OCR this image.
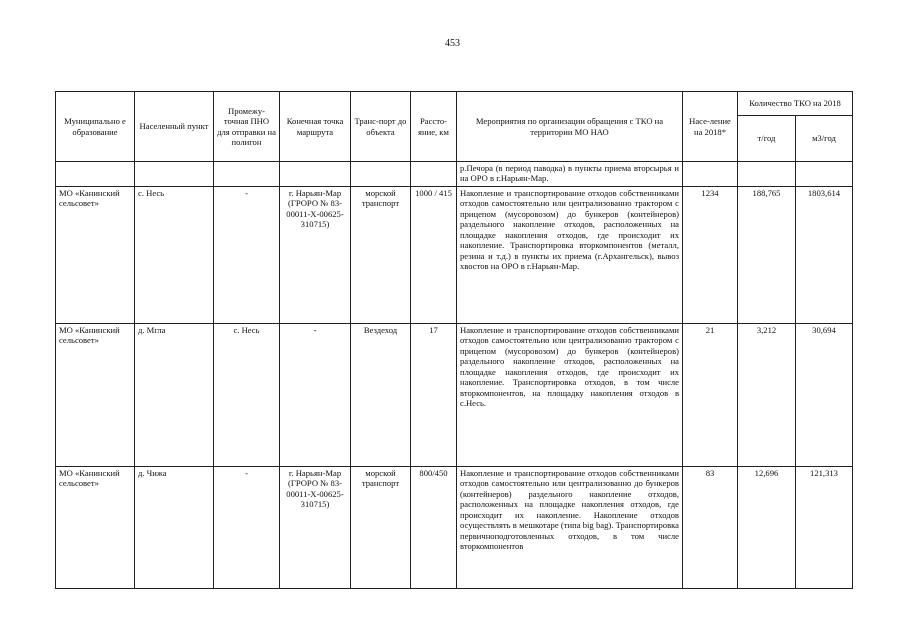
453
Муниципально е образование	Населенный пункт	Промежу-точная ПНО для отправки на полигон	Конечная точка маршрута	Транс-порт до объекта	Рассто-яние, км	Мероприятия по организации обращения с ТКО на территории МО НАО	Насе-ление на 2018*	Количество ТКО на 2018	
								т/год	м3/год
						р.Печора (в период паводка) в пункты приема вторсырья и на ОРО в г.Нарьян-Мар.			
МО «Канинский сельсовет»	с. Несь	-	г. Нарьян-Мар (ГРОРО № 83-00011-Х-00625-310715)	морской транспорт	1000 / 415	Накопление и транспортирование отходов собственниками отходов самостоятельно или централизованно трактором с прицепом (мусоровозом) до бункеров (контейнеров) раздельного накопление отходов, расположенных на площадке накопления отходов, где происходит их накопление. Транспортировка вторкомпонентов (металл, резина и т.д.) в пункты их приема (г.Архангельск), вывоз хвостов на ОРО в г.Нарьян-Мар.	1234	188,765	1803,614
МО «Канинский сельсовет»	д. Мгла	с. Несь	-	Вездеход	17	Накопление и транспортирование отходов собственниками отходов самостоятельно или централизованно трактором с прицепом (мусоровозом) до бункеров (контейнеров) раздельного накопление отходов, расположенных на площадке накопления отходов, где происходит их накопление. Транспортировка отходов, в том числе вторкомпонентов, на площадку накопления отходов в с.Несь.	21	3,212	30,694
МО «Канинский сельсовет»	д. Чижа	-	г. Нарьян-Мар (ГРОРО № 83-00011-Х-00625-310715)	морской транспорт	800/450	Накопление и транспортирование отходов собственниками отходов самостоятельно или централизованно до бункеров (контейнеров) раздельного накопление отходов, расположенных на площадке накопления отходов, где происходит их накопление. Накопление отходов осуществлять в мешкотаре (типа big bag). Транспортировка первичноподготовленных отходов, в том числе вторкомпонентов	83	12,696	121,313
